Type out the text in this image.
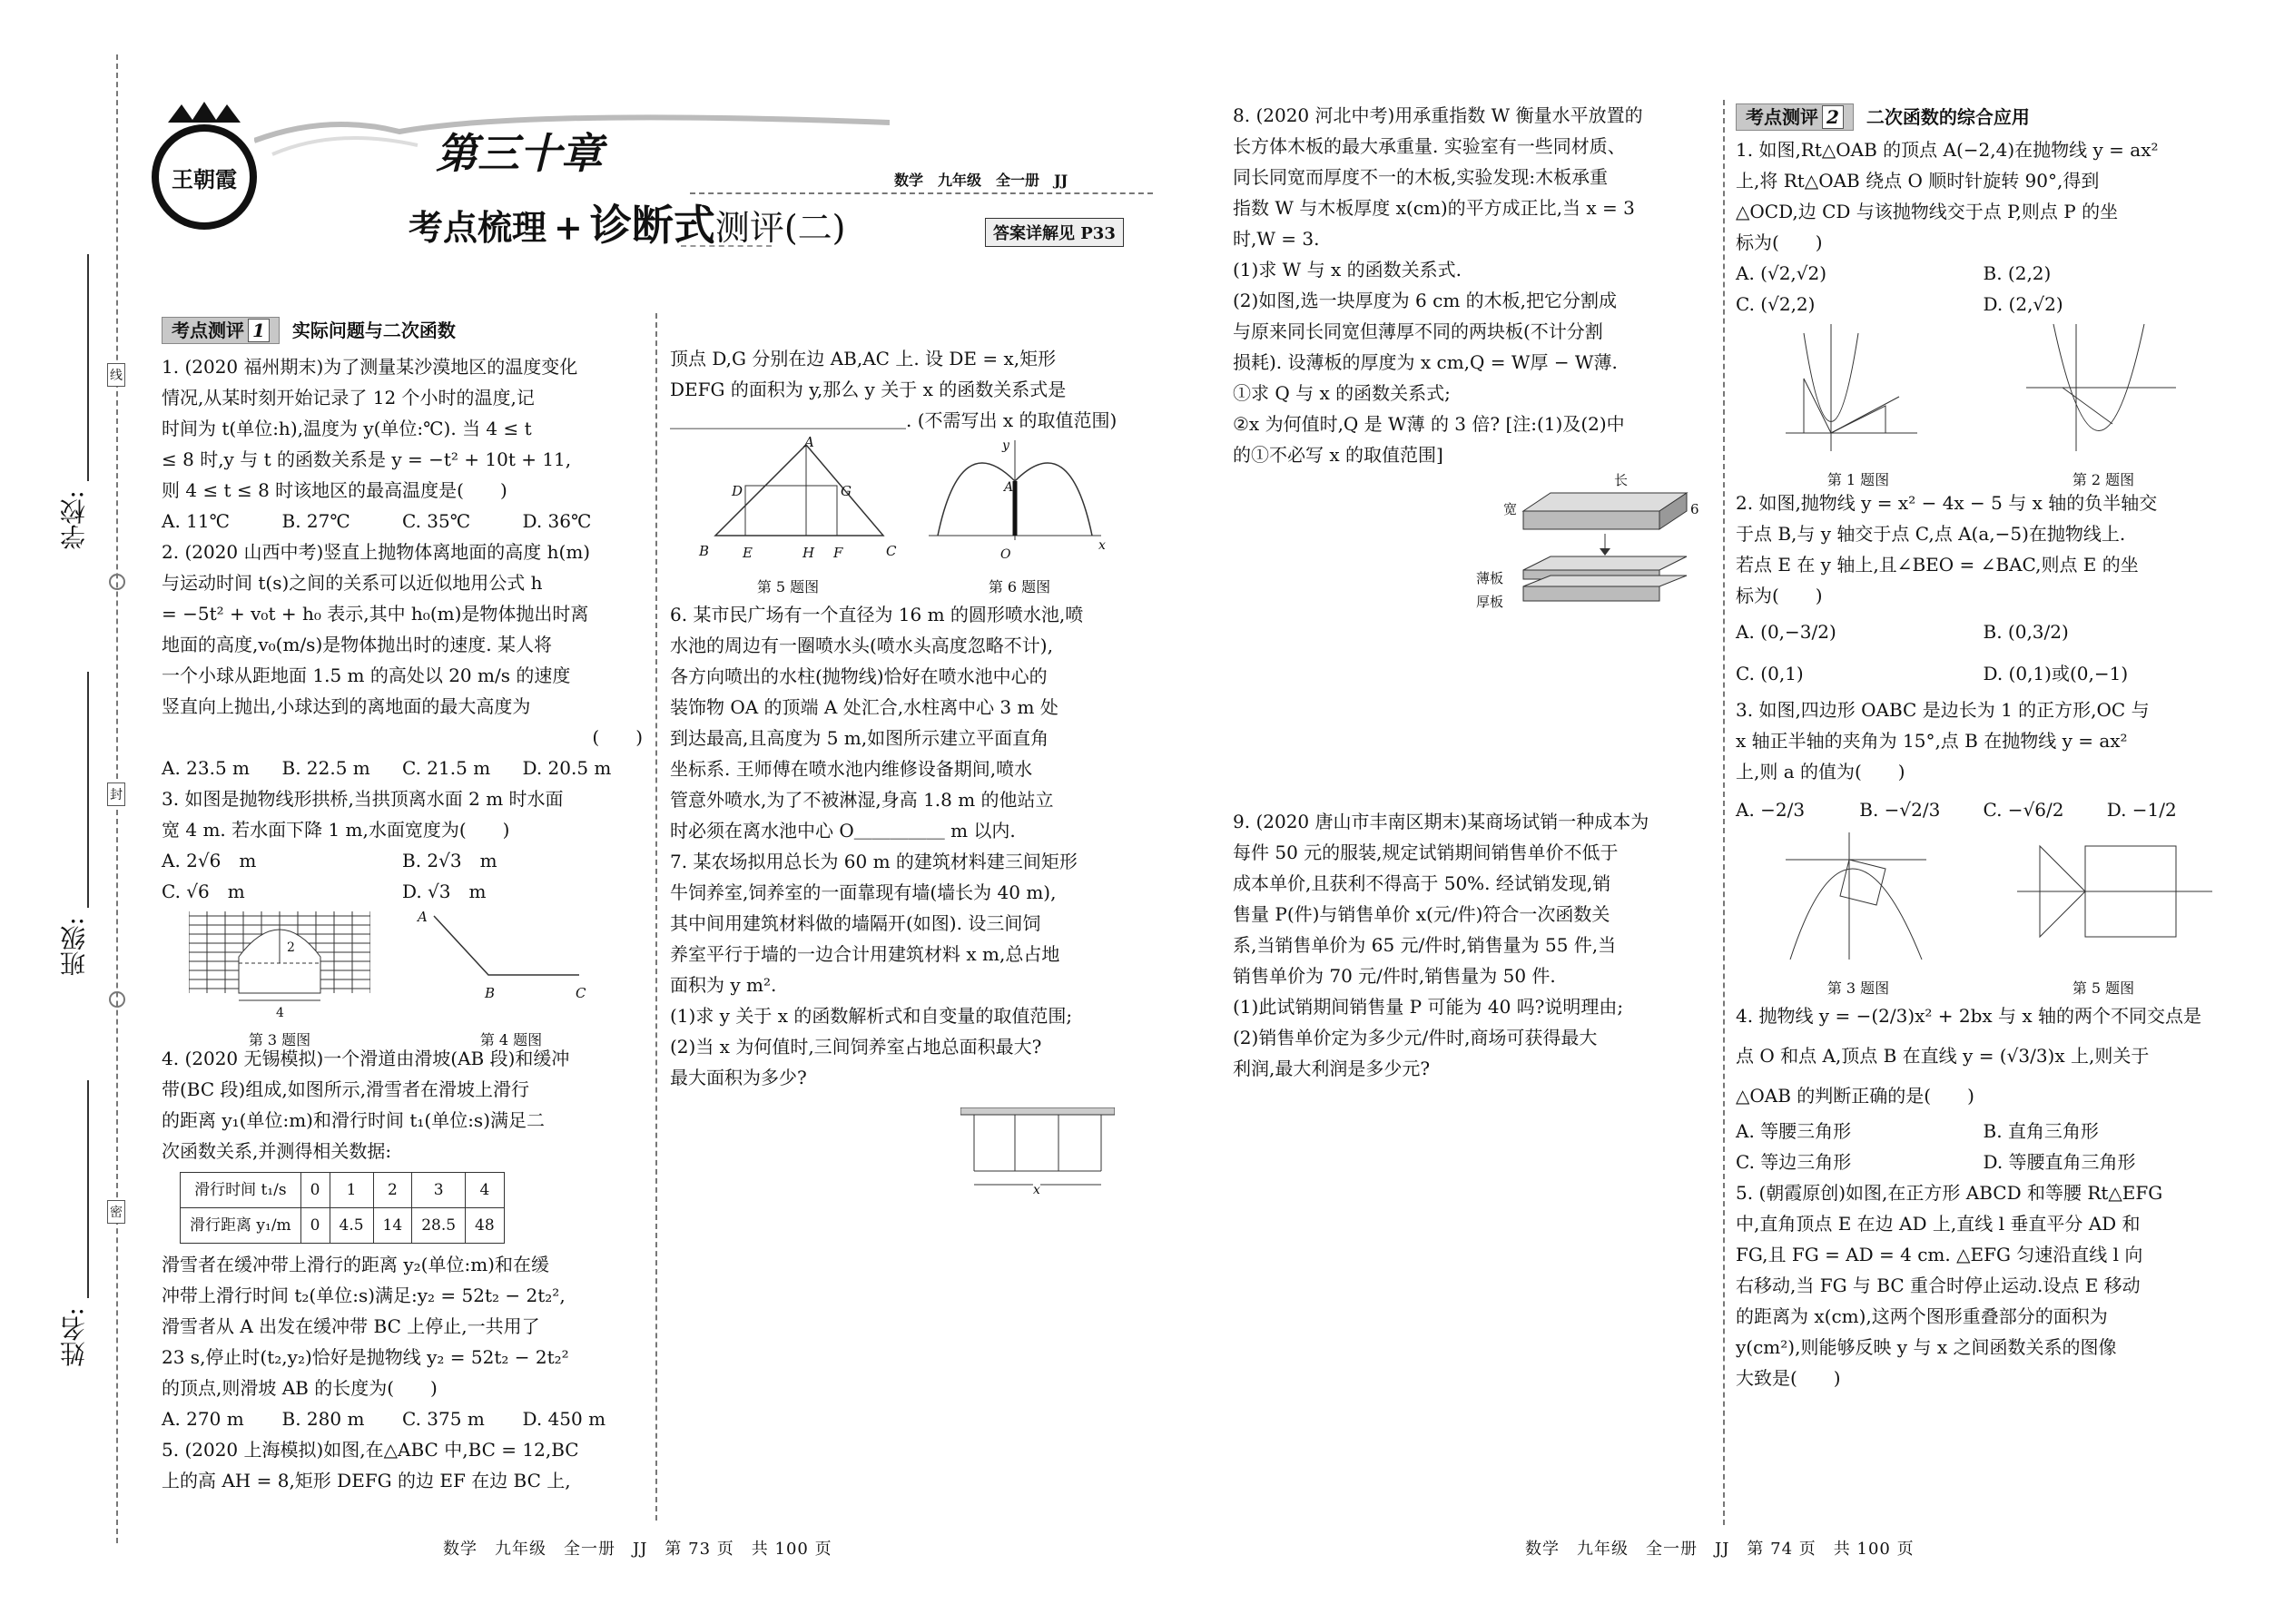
学校:
班级:
姓名:
线
封
密
王朝霞
第三十章
数学　九年级　全一册　JJ
考点梳理 + 诊断式测评(二)	答案详解见 P33
考点测评 1	实际问题与二次函数

1. (2020 福州期末)为了测量某沙漠地区的温度变化

情况,从某时刻开始记录了 12 个小时的温度,记

时间为 t(单位:h),温度为 y(单位:℃). 当 4 ≤ t

≤ 8 时,y 与 t 的函数关系是 y = −t² + 10t + 11,

则 4 ≤ t ≤ 8 时该地区的最高温度是(　　)

A. 11℃	B. 27℃	C. 35℃	D. 36℃

2. (2020 山西中考)竖直上抛物体离地面的高度 h(m)

与运动时间 t(s)之间的关系可以近似地用公式 h

= −5t² + v₀t + h₀ 表示,其中 h₀(m)是物体抛出时离

地面的高度,v₀(m/s)是物体抛出时的速度. 某人将

一个小球从距地面 1.5 m 的高处以 20 m/s 的速度

竖直向上抛出,小球达到的离地面的最大高度为

(　　)

A. 23.5 m	B. 22.5 m	C. 21.5 m	D. 20.5 m

3. 如图是抛物线形拱桥,当拱顶离水面 2 m 时水面

宽 4 m. 若水面下降 1 m,水面宽度为(　　)

A. 2√6　m	B. 2√3　m
C. √6　m	D. √3　m
2
4
第 3 题图
A
B	C
第 4 题图

4. (2020 无锡模拟)一个滑道由滑坡(AB 段)和缓冲

带(BC 段)组成,如图所示,滑雪者在滑坡上滑行

的距离 y₁(单位:m)和滑行时间 t₁(单位:s)满足二

次函数关系,并测得相关数据:

滑行时间 t₁/s	0	1	2	3	4
滑行距离 y₁/m	0	4.5	14	28.5	48

滑雪者在缓冲带上滑行的距离 y₂(单位:m)和在缓

冲带上滑行时间 t₂(单位:s)满足:y₂ = 52t₂ − 2t₂²,

滑雪者从 A 出发在缓冲带 BC 上停止,一共用了

23 s,停止时(t₂,y₂)恰好是抛物线 y₂ = 52t₂ − 2t₂²

的顶点,则滑坡 AB 的长度为(　　)

A. 270 m	B. 280 m	C. 375 m	D. 450 m

5. (2020 上海模拟)如图,在△ABC 中,BC = 12,BC

上的高 AH = 8,矩形 DEFG 的边 EF 在边 BC 上,

顶点 D,G 分别在边 AB,AC 上. 设 DE = x,矩形

DEFG 的面积为 y,那么 y 关于 x 的函数关系式是

＿＿＿＿＿＿＿＿＿＿＿＿＿. (不需写出 x 的取值范围)

A
D	G
B E	H F	C
第 5 题图
y
A
O
x
第 6 题图

6. 某市民广场有一个直径为 16 m 的圆形喷水池,喷

水池的周边有一圈喷水头(喷水头高度忽略不计),

各方向喷出的水柱(抛物线)恰好在喷水池中心的

装饰物 OA 的顶端 A 处汇合,水柱离中心 3 m 处

到达最高,且高度为 5 m,如图所示建立平面直角

坐标系. 王师傅在喷水池内维修设备期间,喷水

管意外喷水,为了不被淋湿,身高 1.8 m 的他站立

时必须在离水池中心 O＿＿＿＿＿ m 以内.

7. 某农场拟用总长为 60 m 的建筑材料建三间矩形

牛饲养室,饲养室的一面靠现有墙(墙长为 40 m),

其中间用建筑材料做的墙隔开(如图). 设三间饲

养室平行于墙的一边合计用建筑材料 x m,总占地

面积为 y m².

(1)求 y 关于 x 的函数解析式和自变量的取值范围;

(2)当 x 为何值时,三间饲养室占地总面积最大?

最大面积为多少?

x
数学　九年级　全一册　JJ　第 73 页　共 100 页

8. (2020 河北中考)用承重指数 W 衡量水平放置的

长方体木板的最大承重量. 实验室有一些同材质、

同长同宽而厚度不一的木板,实验发现:木板承重

指数 W 与木板厚度 x(cm)的平方成正比,当 x = 3

时,W = 3.

(1)求 W 与 x 的函数关系式.

(2)如图,选一块厚度为 6 cm 的木板,把它分割成

与原来同长同宽但薄厚不同的两块板(不计分割

损耗). 设薄板的厚度为 x cm,Q = W厚 − W薄.

①求 Q 与 x 的函数关系式;

②x 为何值时,Q 是 W薄 的 3 倍? [注:(1)及(2)中

的①不必写 x 的取值范围]

长
宽	6
薄板
厚板

9. (2020 唐山市丰南区期末)某商场试销一种成本为

每件 50 元的服装,规定试销期间销售单价不低于

成本单价,且获利不得高于 50%. 经试销发现,销

售量 P(件)与销售单价 x(元/件)符合一次函数关

系,当销售单价为 65 元/件时,销售量为 55 件,当

销售单价为 70 元/件时,销售量为 50 件.

(1)此试销期间销售量 P 可能为 40 吗?说明理由;

(2)销售单价定为多少元/件时,商场可获得最大

利润,最大利润是多少元?

考点测评 2	二次函数的综合应用

1. 如图,Rt△OAB 的顶点 A(−2,4)在抛物线 y = ax²

上,将 Rt△OAB 绕点 O 顺时针旋转 90°,得到

△OCD,边 CD 与该抛物线交于点 P,则点 P 的坐

标为(　　)

A. (√2,√2)	B. (2,2)
C. (√2,2)	D. (2,√2)
第 1 题图	第 2 题图

2. 如图,抛物线 y = x² − 4x − 5 与 x 轴的负半轴交

于点 B,与 y 轴交于点 C,点 A(a,−5)在抛物线上.

若点 E 在 y 轴上,且∠BEO = ∠BAC,则点 E 的坐

标为(　　)

A. (0,−3/2)	B. (0,3/2)
C. (0,1)	D. (0,1)或(0,−1)

3. 如图,四边形 OABC 是边长为 1 的正方形,OC 与

x 轴正半轴的夹角为 15°,点 B 在抛物线 y = ax²

上,则 a 的值为(　　)

A. −2/3	B. −√2/3	C. −√6/2	D. −1/2
第 3 题图	第 5 题图

4. 抛物线 y = −(2/3)x² + 2bx 与 x 轴的两个不同交点是

点 O 和点 A,顶点 B 在直线 y = (√3/3)x 上,则关于

△OAB 的判断正确的是(　　)

A. 等腰三角形	B. 直角三角形
C. 等边三角形	D. 等腰直角三角形

5. (朝霞原创)如图,在正方形 ABCD 和等腰 Rt△EFG

中,直角顶点 E 在边 AD 上,直线 l 垂直平分 AD 和

FG,且 FG = AD = 4 cm. △EFG 匀速沿直线 l 向

右移动,当 FG 与 BC 重合时停止运动.设点 E 移动

的距离为 x(cm),这两个图形重叠部分的面积为

y(cm²),则能够反映 y 与 x 之间函数关系的图像

大致是(　　)

数学　九年级　全一册　JJ　第 74 页　共 100 页
